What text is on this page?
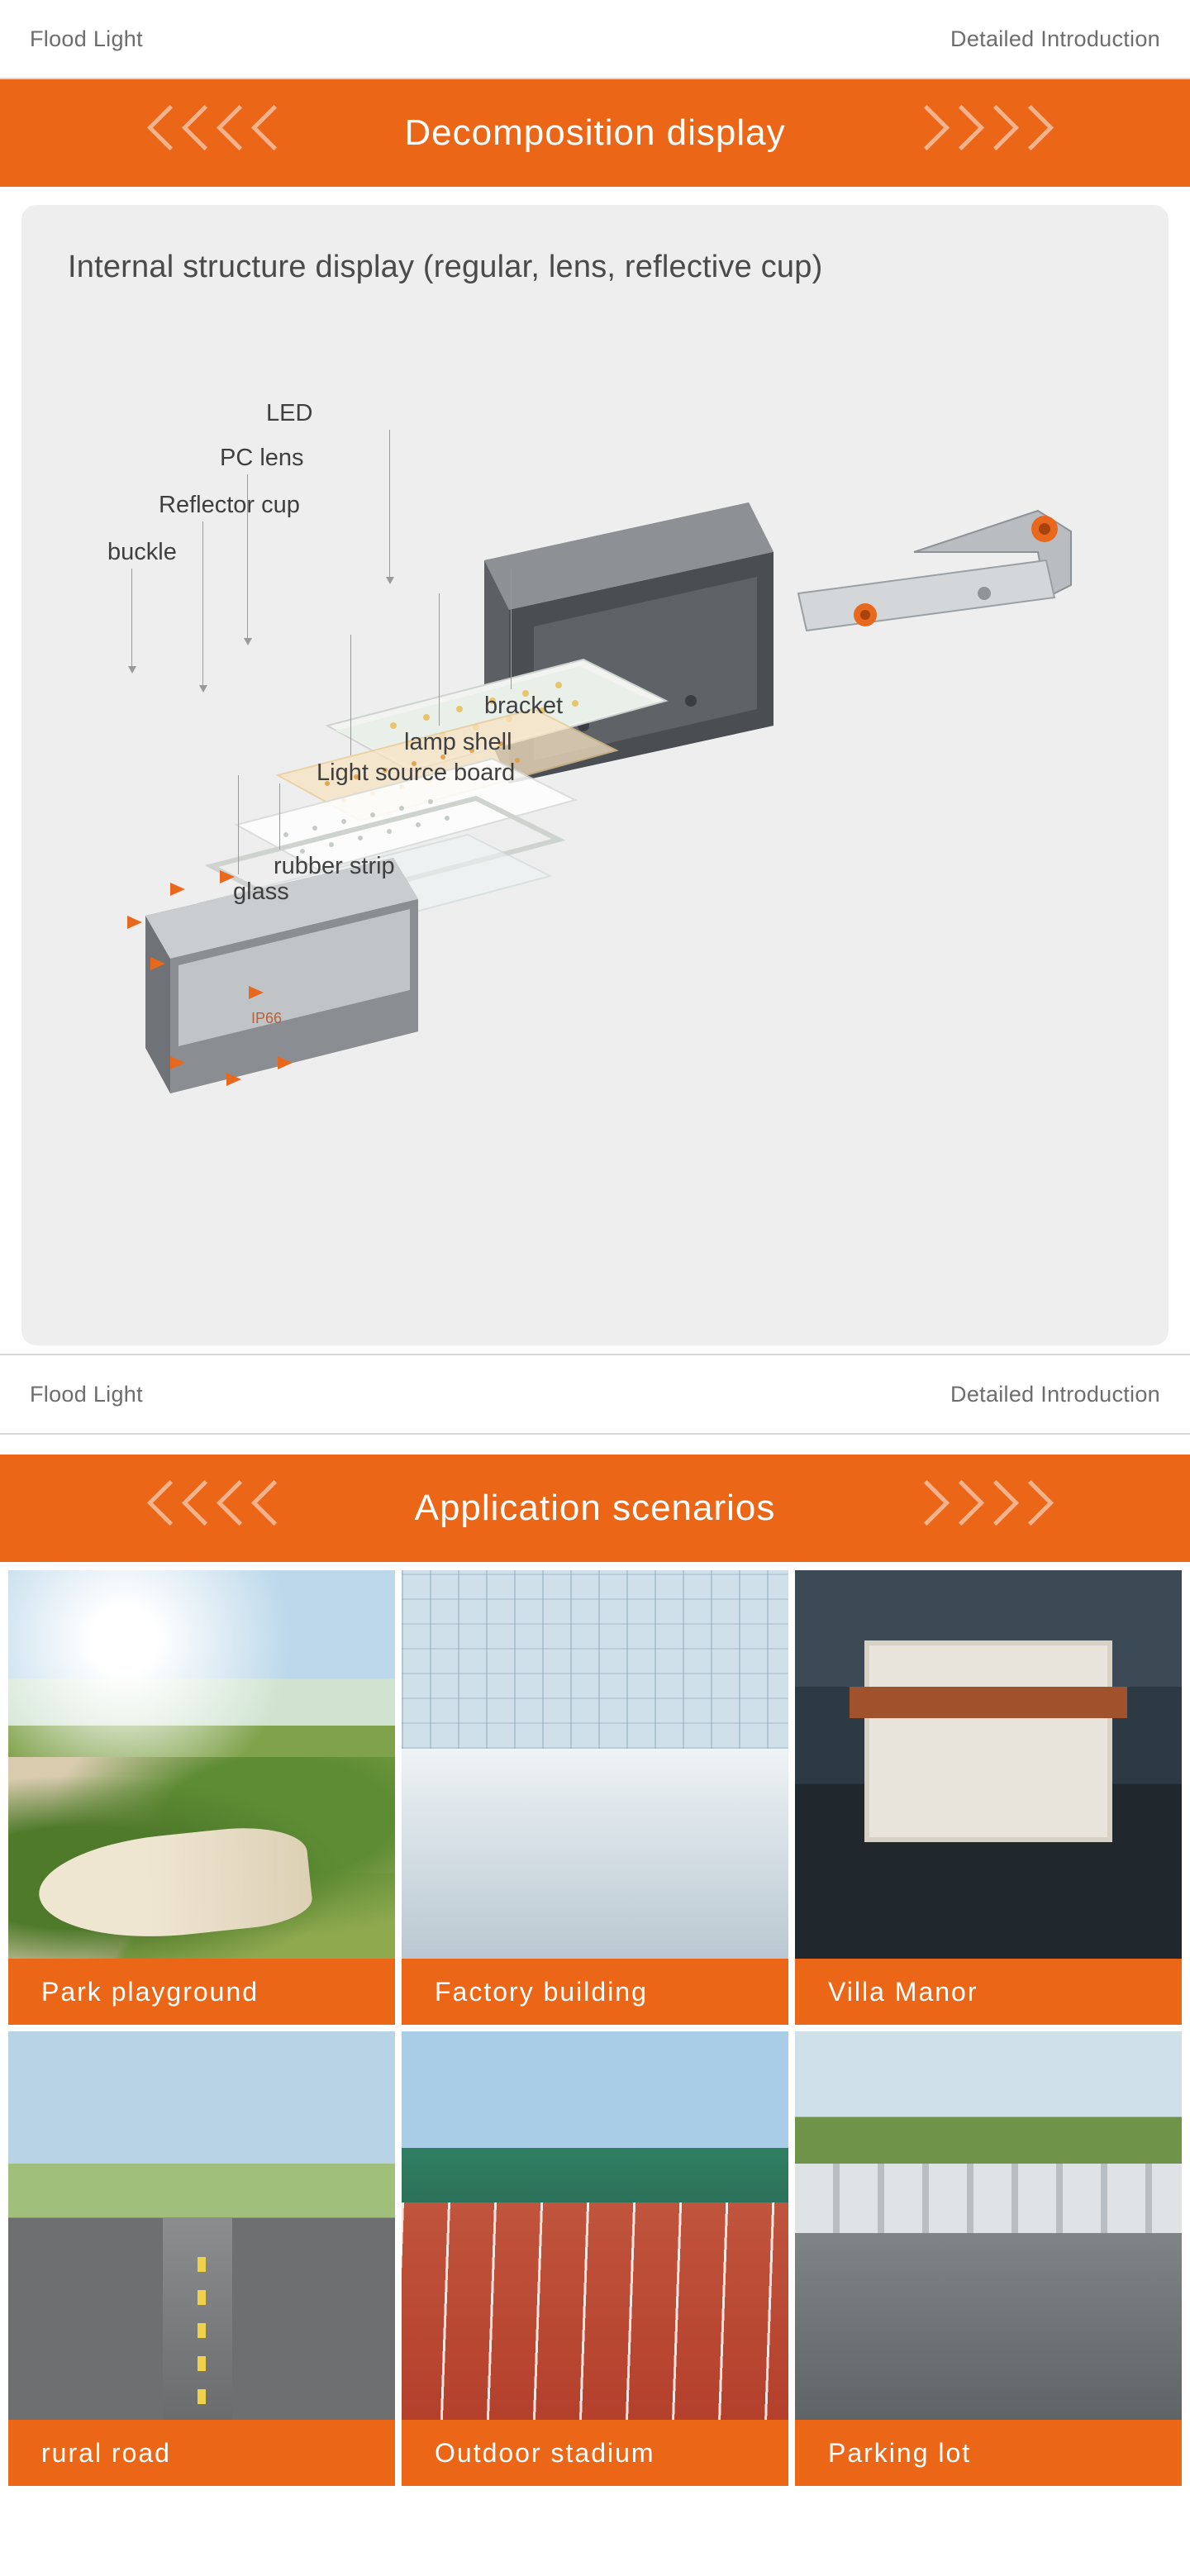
Flood Light	Detailed Introduction
Decomposition display
Internal structure display (regular, lens, reflective cup)
IP66
LED
PC lens
Reflector cup
buckle
bracket
lamp shell
Light source board
rubber strip
glass
Flood Light	Detailed Introduction
Application scenarios
Park playground	Factory building	Villa Manor
rural road	Outdoor stadium	Parking lot
